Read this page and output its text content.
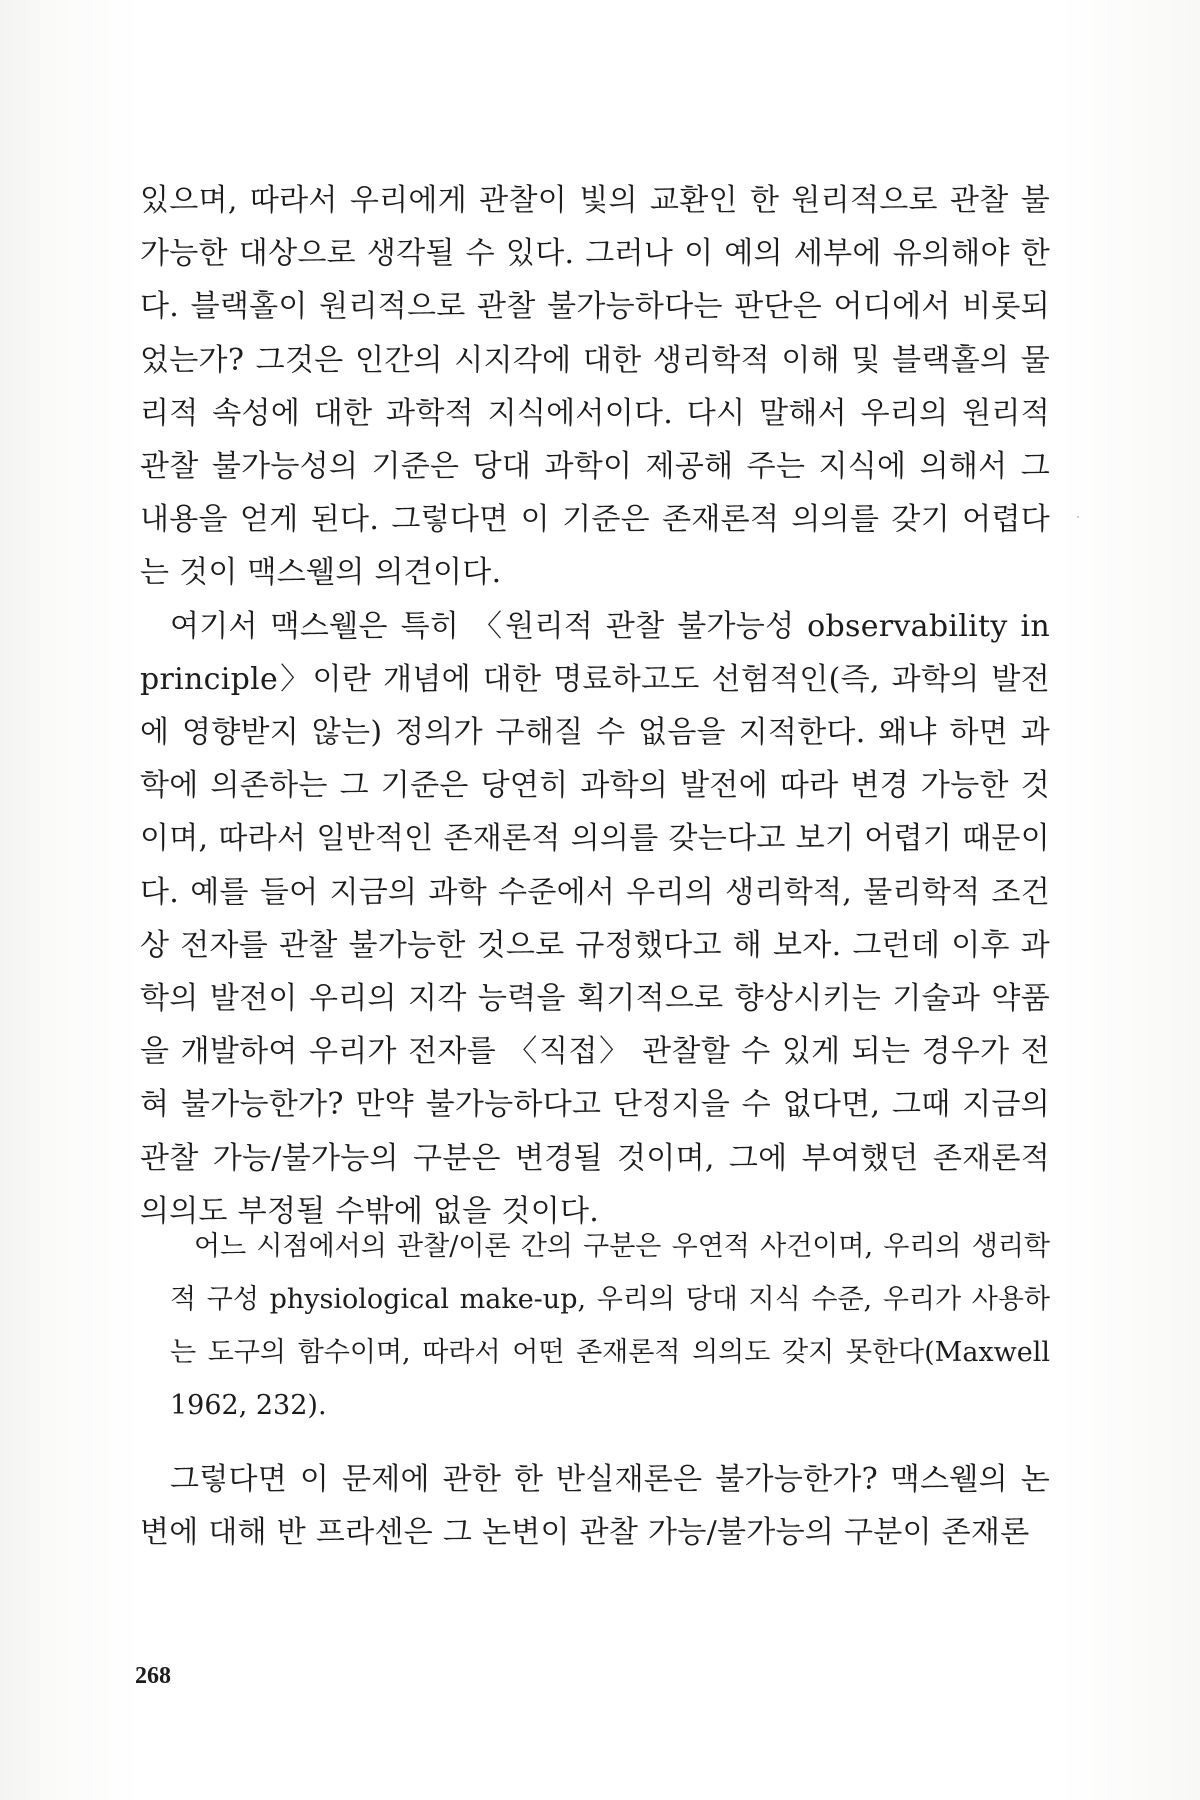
있으며, 따라서 우리에게 관찰이 빛의 교환인 한 원리적으로 관찰 불가능한 대상으로 생각될 수 있다. 그러나 이 예의 세부에 유의해야 한다. 블랙홀이 원리적으로 관찰 불가능하다는 판단은 어디에서 비롯되었는가? 그것은 인간의 시지각에 대한 생리학적 이해 및 블랙홀의 물리적 속성에 대한 과학적 지식에서이다. 다시 말해서 우리의 원리적 관찰 불가능성의 기준은 당대 과학이 제공해 주는 지식에 의해서 그 내용을 얻게 된다. 그렇다면 이 기준은 존재론적 의의를 갖기 어렵다는 것이 맥스웰의 의견이다.

여기서 맥스웰은 특히 〈원리적 관찰 불가능성 observability in principle〉이란 개념에 대한 명료하고도 선험적인(즉, 과학의 발전에 영향받지 않는) 정의가 구해질 수 없음을 지적한다. 왜냐 하면 과학에 의존하는 그 기준은 당연히 과학의 발전에 따라 변경 가능한 것이며, 따라서 일반적인 존재론적 의의를 갖는다고 보기 어렵기 때문이다. 예를 들어 지금의 과학 수준에서 우리의 생리학적, 물리학적 조건상 전자를 관찰 불가능한 것으로 규정했다고 해 보자. 그런데 이후 과학의 발전이 우리의 지각 능력을 획기적으로 향상시키는 기술과 약품을 개발하여 우리가 전자를 〈직접〉 관찰할 수 있게 되는 경우가 전혀 불가능한가? 만약 불가능하다고 단정지을 수 없다면, 그때 지금의 관찰 가능/불가능의 구분은 변경될 것이며, 그에 부여했던 존재론적 의의도 부정될 수밖에 없을 것이다.

어느 시점에서의 관찰/이론 간의 구분은 우연적 사건이며, 우리의 생리학적 구성 physiological make-up, 우리의 당대 지식 수준, 우리가 사용하는 도구의 함수이며, 따라서 어떤 존재론적 의의도 갖지 못한다(Maxwell 1962, 232).

그렇다면 이 문제에 관한 한 반실재론은 불가능한가? 맥스웰의 논변에 대해 반 프라센은 그 논변이 관찰 가능/불가능의 구분이 존재론

268
